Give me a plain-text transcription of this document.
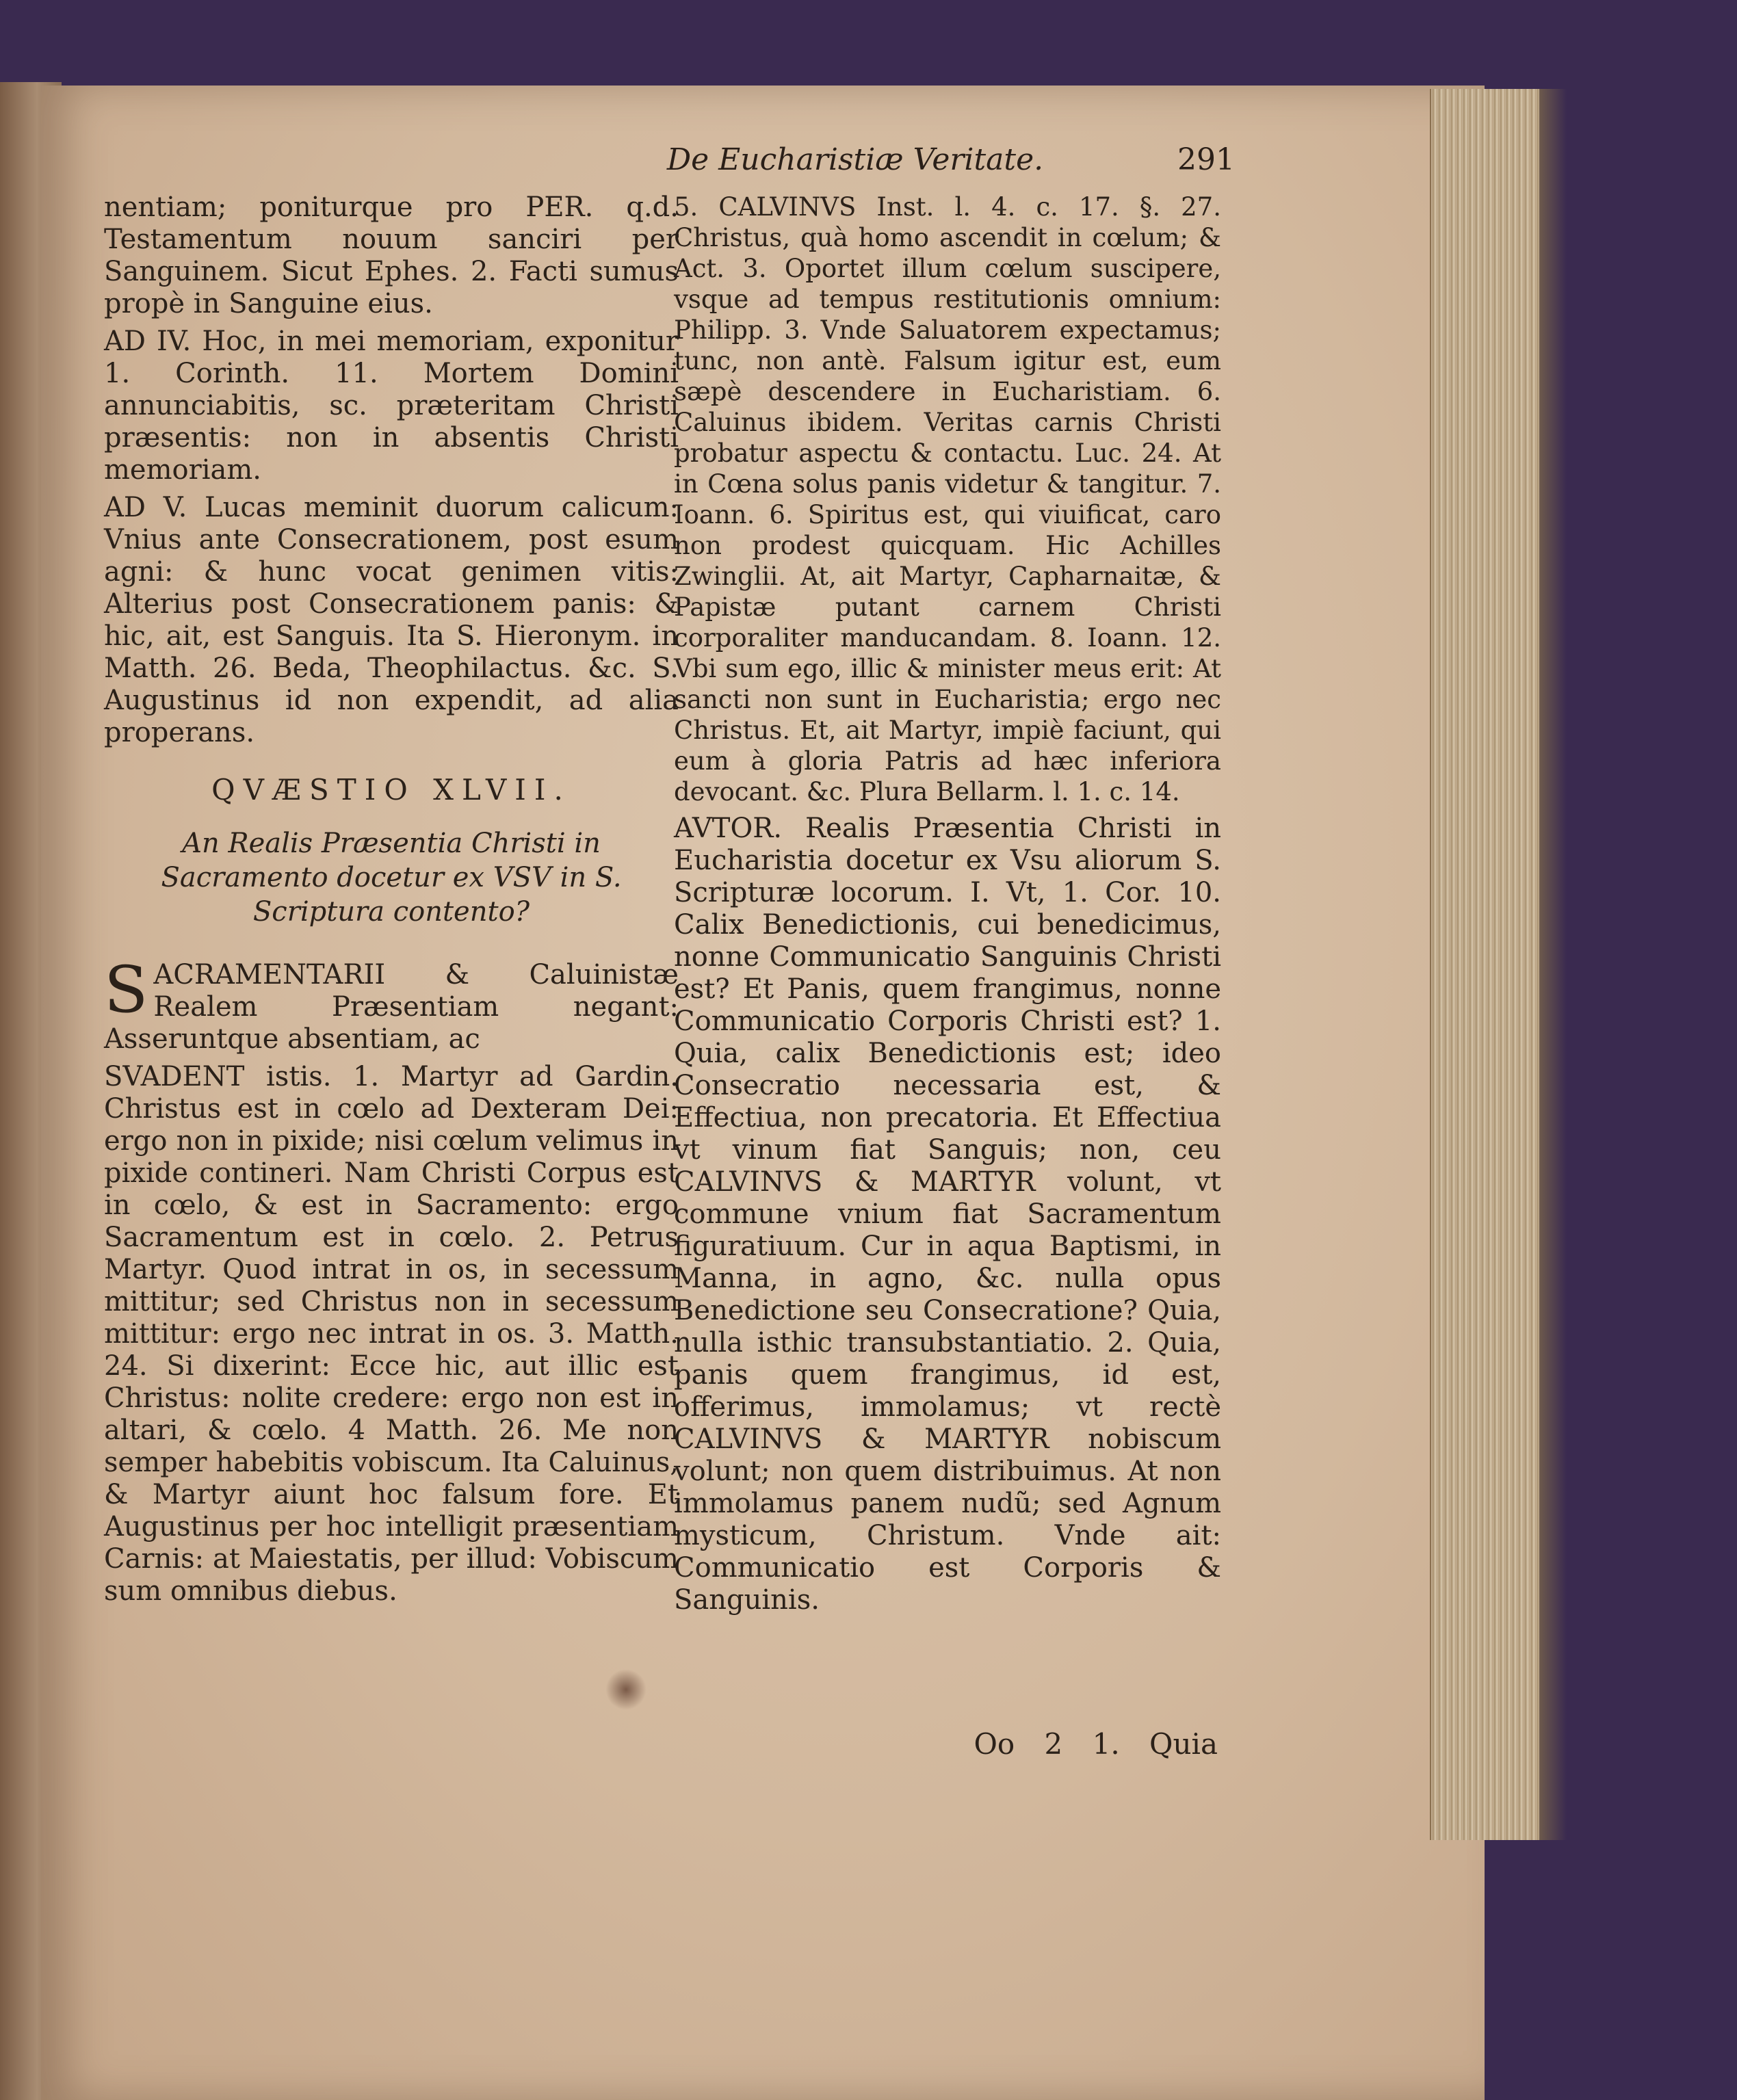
De Eucharistiæ Veritate.	291

nentiam; poniturque pro PER. q.d. Testamentum nouum sanciri per Sanguinem. Sicut Ephes. 2. Facti sumus propè in Sanguine eius.

AD IV. Hoc, in mei memoriam, exponitur 1. Corinth. 11. Mortem Domini annunciabitis, sc. præteritam Christi præsentis: non in absentis Christi memoriam.

AD V. Lucas meminit duorum calicum: Vnius ante Consecrationem, post esum agni: & hunc vocat genimen vitis: Alterius post Consecrationem panis: & hic, ait, est Sanguis. Ita S. Hieronym. in Matth. 26. Beda, Theophilactus. &c. S. Augustinus id non expendit, ad alia properans.

QVÆSTIO XLVII.
An Realis Præsentia Christi in Sacramento docetur ex VSV in S. Scriptura contento?

SACRAMENTARII & Caluinistæ Realem Præsentiam negant: Asseruntque absentiam, ac

SVADENT istis. 1. Martyr ad Gardin. Christus est in cœlo ad Dexteram Dei: ergo non in pixide; nisi cœlum velimus in pixide contineri. Nam Christi Corpus est in cœlo, & est in Sacramento: ergo Sacramentum est in cœlo. 2. Petrus Martyr. Quod intrat in os, in secessum mittitur; sed Christus non in secessum mittitur: ergo nec intrat in os. 3. Matth. 24. Si dixerint: Ecce hic, aut illic est Christus: nolite credere: ergo non est in altari, & cœlo. 4 Matth. 26. Me non semper habebitis vobiscum. Ita Caluinus, & Martyr aiunt hoc falsum fore. Et Augustinus per hoc intelligit præsentiam Carnis: at Maiestatis, per illud: Vobiscum sum omnibus diebus.

5. CALVINVS Inst. l. 4. c. 17. §. 27. Christus, quà homo ascendit in cœlum; & Act. 3. Oportet illum cœlum suscipere, vsque ad tempus restitutionis omnium: Philipp. 3. Vnde Saluatorem expectamus; tunc, non antè. Falsum igitur est, eum sæpè descendere in Eucharistiam. 6. Caluinus ibidem. Veritas carnis Christi probatur aspectu & contactu. Luc. 24. At in Cœna solus panis videtur & tangitur. 7. Ioann. 6. Spiritus est, qui viuificat, caro non prodest quicquam. Hic Achilles Zwinglii. At, ait Martyr, Capharnaitæ, & Papistæ putant carnem Christi corporaliter manducandam. 8. Ioann. 12. Vbi sum ego, illic & minister meus erit: At sancti non sunt in Eucharistia; ergo nec Christus. Et, ait Martyr, impiè faciunt, qui eum à gloria Patris ad hæc inferiora devocant. &c. Plura Bellarm. l. 1. c. 14.

AVTOR. Realis Præsentia Christi in Eucharistia docetur ex Vsu aliorum S. Scripturæ locorum. I. Vt, 1. Cor. 10. Calix Benedictionis, cui benedicimus, nonne Communicatio Sanguinis Christi est? Et Panis, quem frangimus, nonne Communicatio Corporis Christi est? 1. Quia, calix Benedictionis est; ideo Consecratio necessaria est, & Effectiua, non precatoria. Et Effectiua vt vinum fiat Sanguis; non, ceu CALVINVS & MARTYR volunt, vt commune vnium fiat Sacramentum figuratiuum. Cur in aqua Baptismi, in Manna, in agno, &c. nulla opus Benedictione seu Consecratione? Quia, nulla isthic transubstantiatio. 2. Quia, panis quem frangimus, id est, offerimus, immolamus; vt rectè CALVINVS & MARTYR nobiscum volunt; non quem distribuimus. At non immolamus panem nudũ; sed Agnum mysticum, Christum. Vnde ait: Communicatio est Corporis & Sanguinis.

Oo 2 1. Quia
